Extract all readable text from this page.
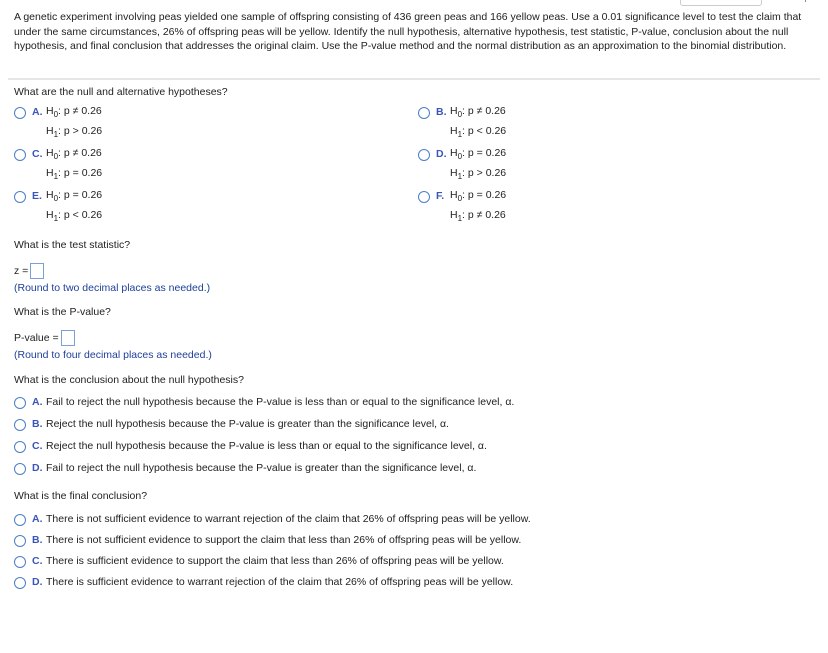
A genetic experiment involving peas yielded one sample of offspring consisting of 436 green peas and 166 yellow peas. Use a 0.01 significance level to test the claim that under the same circumstances, 26% of offspring peas will be yellow. Identify the null hypothesis, alternative hypothesis, test statistic, P-value, conclusion about the null hypothesis, and final conclusion that addresses the original claim. Use the P-value method and the normal distribution as an approximation to the binomial distribution.
What are the null and alternative hypotheses?
A. $H_0$: p ≠ 0.26
$H_1$: p > 0.26
B. $H_0$: p ≠ 0.26
$H_1$: p < 0.26
C. $H_0$: p ≠ 0.26
$H_1$: p = 0.26
D. $H_0$: p = 0.26
$H_1$: p > 0.26
E. $H_0$: p = 0.26
$H_1$: p < 0.26
F. $H_0$: p = 0.26
$H_1$: p ≠ 0.26
What is the test statistic?
z =
(Round to two decimal places as needed.)
What is the P-value?
P-value =
(Round to four decimal places as needed.)
What is the conclusion about the null hypothesis?
A. Fail to reject the null hypothesis because the P-value is less than or equal to the significance level, α.
B. Reject the null hypothesis because the P-value is greater than the significance level, α.
C. Reject the null hypothesis because the P-value is less than or equal to the significance level, α.
D. Fail to reject the null hypothesis because the P-value is greater than the significance level, α.
What is the final conclusion?
A. There is not sufficient evidence to warrant rejection of the claim that 26% of offspring peas will be yellow.
B. There is not sufficient evidence to support the claim that less than 26% of offspring peas will be yellow.
C. There is sufficient evidence to support the claim that less than 26% of offspring peas will be yellow.
D. There is sufficient evidence to warrant rejection of the claim that 26% of offspring peas will be yellow.
